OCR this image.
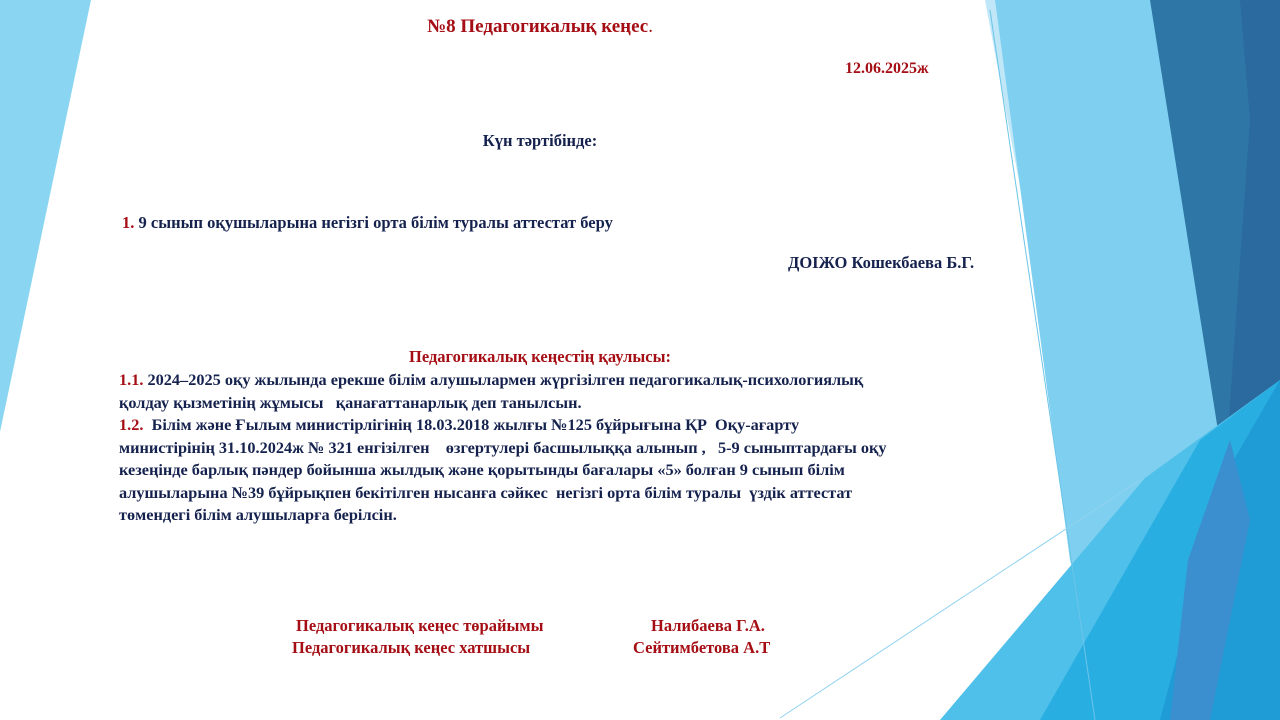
№8 Педагогикалық кеңес.
12.06.2025ж
Күн тәртібінде:
1. 9 сынып оқушыларына негізгі орта білім туралы аттестат беру
ДОІЖО Кошекбаева Б.Г.
Педагогикалық кеңестің қаулысы:
1.1. 2024–2025 оқу жылында ерекше білім алушылармен жүргізілген педагогикалық-психологиялық
қолдау қызметінің жұмысы   қанағаттанарлық деп танылсын.
1.2.  Білім және Ғылым министірлігінің 18.03.2018 жылғы №125 бұйрығына ҚР  Оқу-ағарту
министірінің 31.10.2024ж № 321 енгізілген    өзгертулері басшылыққа алынып ,   5-9 сыныптардағы оқу
кезеңінде барлық пәндер бойынша жылдық және қорытынды бағалары «5» болған 9 сынып білім
алушыларына №39 бұйрықпен бекітілген нысанға сәйкес  негізгі орта білім туралы  үздік аттестат
төмендегі білім алушыларға берілсін.
Педагогикалық кеңес төрайымы	Налибаева Г.А.
Педагогикалық кеңес хатшысы	Сейтимбетова А.Т
